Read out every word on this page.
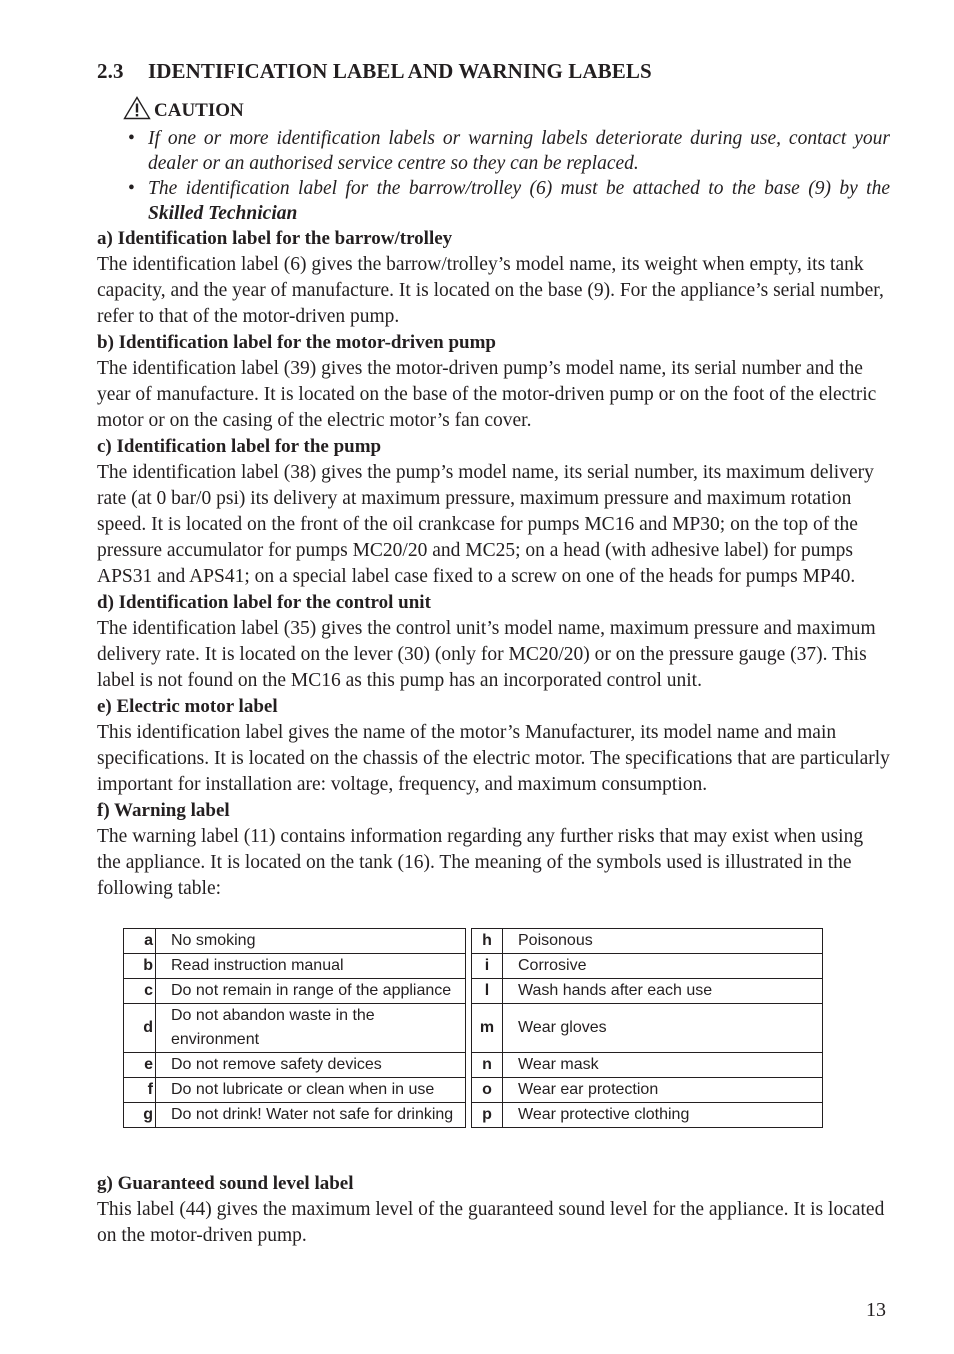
2.3 IDENTIFICATION LABEL AND WARNING LABELS
CAUTION
• If one or more identification labels or warning labels deteriorate during use, contact your dealer or an authorised service centre so they can be replaced.
• The identification label for the barrow/trolley (6) must be attached to the base (9) by the Skilled Technician

a) Identification label for the barrow/trolley

The identification label (6) gives the barrow/trolley’s model name, its weight when empty, its tank capacity, and the year of manufacture. It is located on the base (9). For the appliance’s serial number, refer to that of the motor-driven pump.

b) Identification label for the motor-driven pump

The identification label (39) gives the motor-driven pump’s model name, its serial number and the year of manufacture. It is located on the base of the motor-driven pump or on the foot of the electric motor or on the casing of the electric motor’s fan cover.

c) Identification label for the pump

The identification label (38) gives the pump’s model name, its serial number, its maximum delivery rate (at 0 bar/0 psi) its delivery at maximum pressure, maximum pressure and maximum rotation speed. It is located on the front of the oil crankcase for pumps MC16 and MP30; on the top of the pressure accumulator for pumps MC20/20 and MC25; on a head (with adhesive label) for pumps APS31 and APS41; on a special label case fixed to a screw on one of the heads for pumps MP40.

d) Identification label for the control unit

The identification label (35) gives the control unit’s model name, maximum pressure and maximum delivery rate. It is located on the lever (30) (only for MC20/20) or on the pressure gauge (37). This label is not found on the MC16 as this pump has an incorporated control unit.

e) Electric motor label

This identification label gives the name of the motor’s Manufacturer, its model name and main specifications. It is located on the chassis of the electric motor. The specifications that are particularly important for installation are: voltage, frequency, and maximum consumption.

f) Warning label

The warning label (11) contains information regarding any further risks that may exist when using the appliance. It is located on the tank (16). The meaning of the symbols used is illustrated in the following table:

a	No smoking		h	Poisonous
b	Read instruction manual		i	Corrosive
c	Do not remain in range of the appliance		l	Wash hands after each use
d	Do not abandon waste in the environment		m	Wear gloves
e	Do not remove safety devices		n	Wear mask
f	Do not lubricate or clean when in use		o	Wear ear protection
g	Do not drink! Water not safe for drinking		p	Wear protective clothing

g) Guaranteed sound level label

This label (44) gives the maximum level of the guaranteed sound level for the appliance. It is located on the motor-driven pump.

13
